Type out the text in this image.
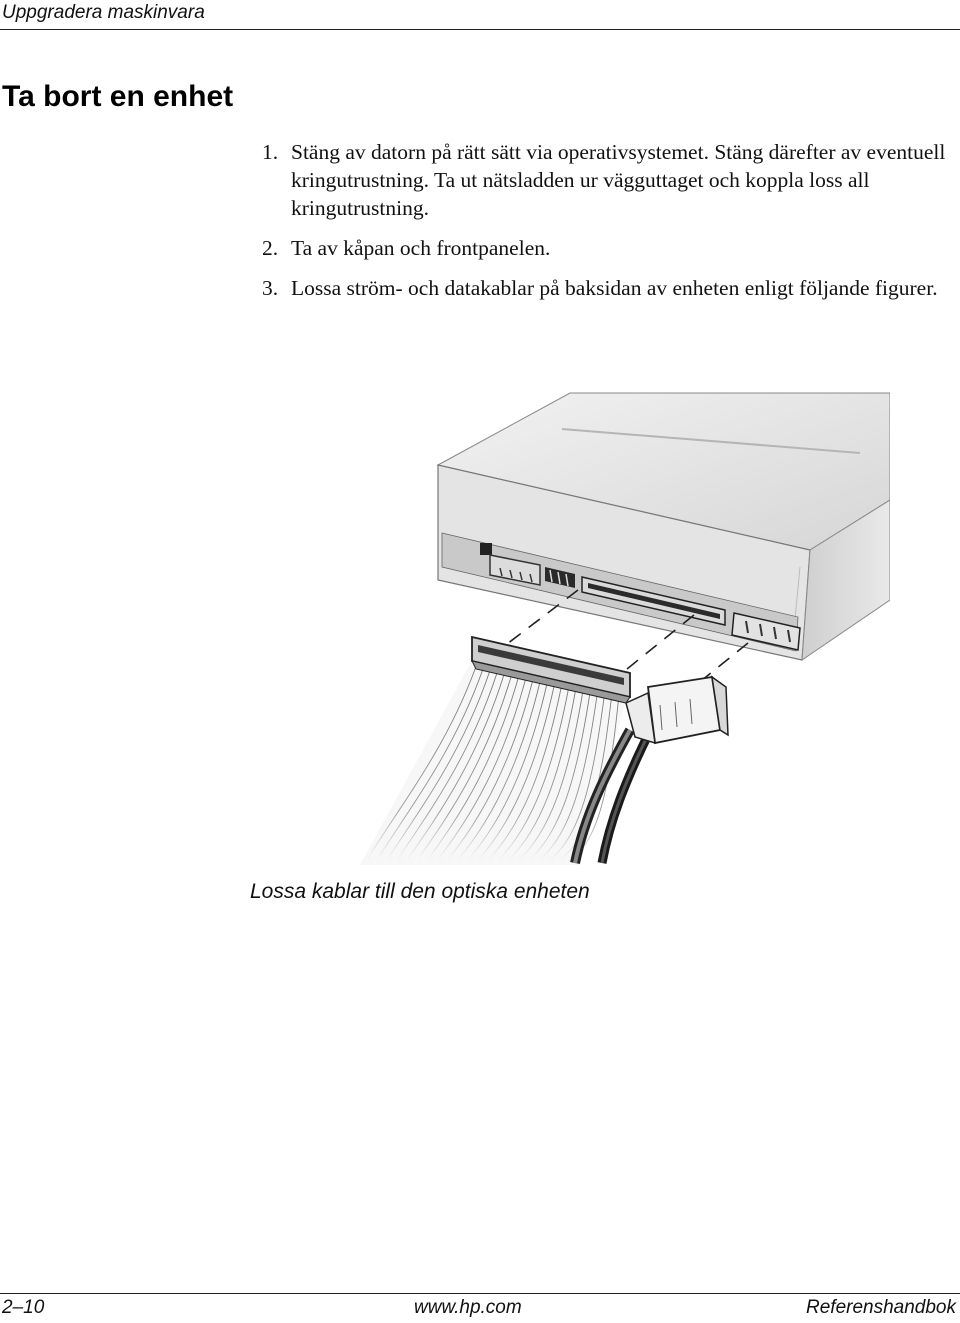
Uppgradera maskinvara
Ta bort en enhet
1. Stäng av datorn på rätt sätt via operativsystemet. Stäng därefter av eventuell kringutrustning. Ta ut nätsladden ur vägguttaget och koppla loss all kringutrustning.
2. Ta av kåpan och frontpanelen.
3. Lossa ström- och datakablar på baksidan av enheten enligt följande figurer.
Lossa kablar till den optiska enheten
2–10	www.hp.com	Referenshandbok
